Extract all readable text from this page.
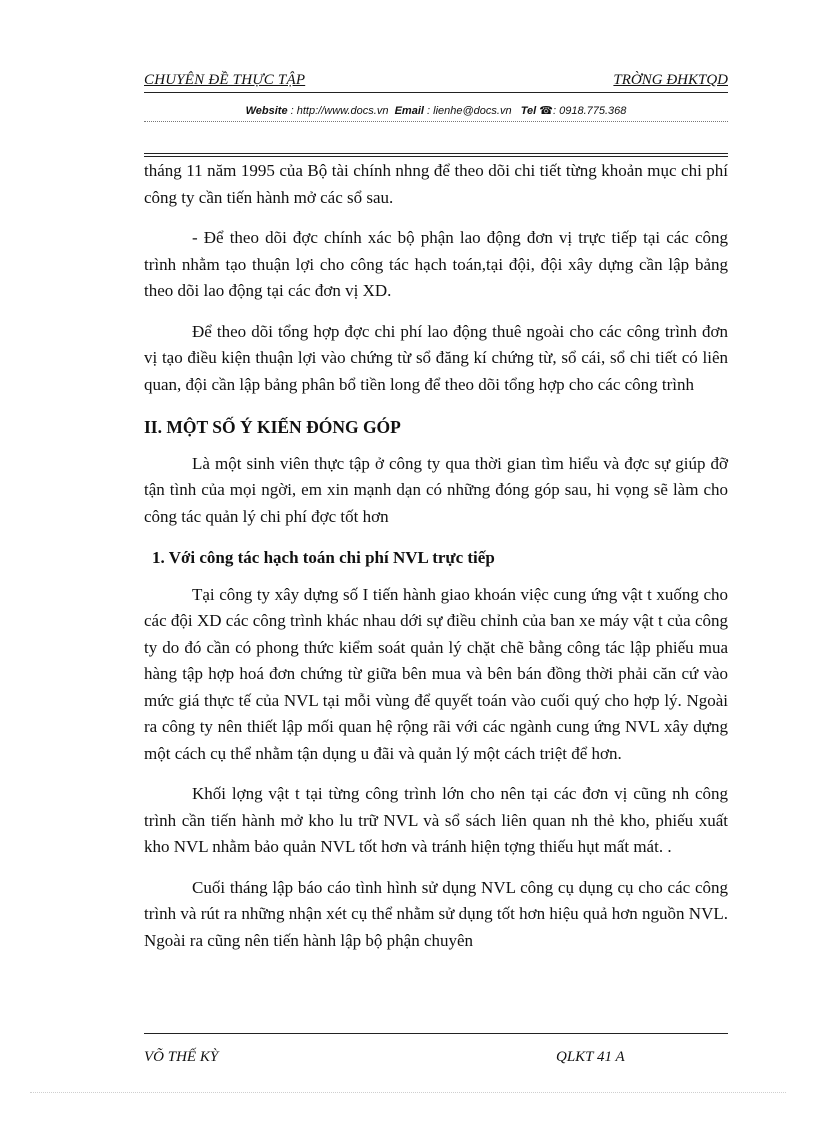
CHUYÊN ĐỀ THỰC TẬP	TRỜNG ĐHKTQD
Website : http://www.docs.vn Email : lienhe@docs.vn Tel ☎: 0918.775.368

tháng 11 năm 1995 của Bộ tài chính nhng để theo dõi chi tiết từng khoản mục chi phí công ty cần tiến hành mở các sổ sau.

- Để theo dõi đợc chính xác bộ phận lao động đơn vị trực tiếp tại các công trình nhằm tạo thuận lợi cho công tác hạch toán,tại đội, đội xây dựng cần lập bảng theo dõi lao động tại các đơn vị XD.

Để theo dõi tổng hợp đợc chi phí lao động thuê ngoài cho các công trình đơn vị tạo điều kiện thuận lợi vào chứng từ sổ đăng kí chứng từ, sổ cái, sổ chi tiết có liên quan, đội cần lập bảng phân bổ tiền long để theo dõi tổng hợp cho các công trình

II. MỘT SỐ Ý KIẾN ĐÓNG GÓP

Là một sinh viên thực tập ở công ty qua thời gian tìm hiểu và đợc sự giúp đỡ tận tình của mọi ngời, em xin mạnh dạn có những đóng góp sau, hi vọng sẽ làm cho công tác quản lý chi phí đợc tốt hơn

1. Với công tác hạch toán chi phí NVL trực tiếp

Tại công ty xây dựng số I tiến hành giao khoán việc cung ứng vật t xuống cho các đội XD các công trình khác nhau dới sự điều chỉnh của ban xe máy vật t của công ty do đó cần có phong thức kiểm soát quản lý chặt chẽ bằng công tác lập phiếu mua hàng tập hợp hoá đơn chứng từ giữa bên mua và bên bán đồng thời phải căn cứ vào mức giá thực tế của NVL tại mỗi vùng để quyết toán vào cuối quý cho hợp lý. Ngoài ra công ty nên thiết lập mối quan hệ rộng rãi với các ngành cung ứng NVL xây dựng một cách cụ thể nhằm tận dụng u đãi và quản lý một cách triệt để hơn.

Khối lợng vật t tại từng công trình lớn cho nên tại các đơn vị cũng nh công trình cần tiến hành mở kho lu trữ NVL và sổ sách liên quan nh thẻ kho, phiếu xuất kho NVL nhằm bảo quản NVL tốt hơn và tránh hiện tợng thiếu hụt mất mát. .

Cuối tháng lập báo cáo tình hình sử dụng NVL công cụ dụng cụ cho các công trình và rút ra những nhận xét cụ thể nhằm sử dụng tốt hơn hiệu quả hơn nguồn NVL. Ngoài ra cũng nên tiến hành lập bộ phận chuyên

VÕ THẾ KỲ	QLKT 41 A
